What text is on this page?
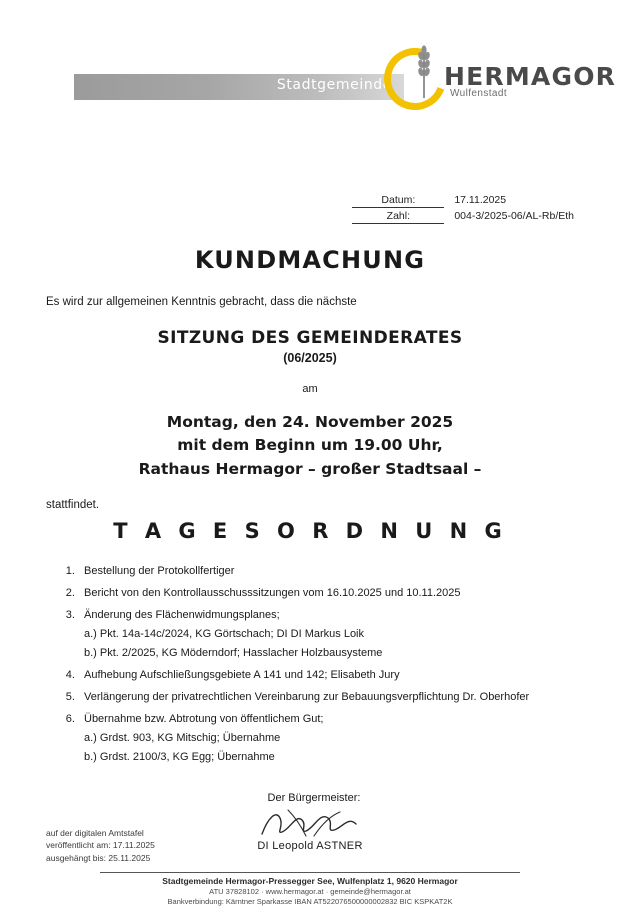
Stadtgemeinde HERMAGOR
Wulfenstadt
Datum:	17.11.2025
Zahl:	004-3/2025-06/AL-Rb/Eth
KUNDMACHUNG

Es wird zur allgemeinen Kenntnis gebracht, dass die nächste

SITZUNG DES GEMEINDERATES

(06/2025)

am

Montag, den 24. November 2025

mit dem Beginn um 19.00 Uhr,

Rathaus Hermagor – großer Stadtsaal –

stattfindet.

T A G E S O R D N U N G
1. Bestellung der Protokollfertiger
2. Bericht von den Kontrollausschusssitzungen vom 16.10.2025 und 10.11.2025
3. Änderung des Flächenwidmungsplanes;
a.) Pkt. 14a-14c/2024, KG Görtschach; DI DI Markus Loik
b.) Pkt. 2/2025, KG Möderndorf; Hasslacher Holzbausysteme
4. Aufhebung Aufschließungsgebiete A 141 und 142; Elisabeth Jury
5. Verlängerung der privatrechtlichen Vereinbarung zur Bebauungsverpflichtung Dr. Oberhofer
6. Übernahme bzw. Abtrotung von öffentlichem Gut;
a.) Grdst. 903, KG Mitschig; Übernahme
b.) Grdst. 2100/3, KG Egg; Übernahme

Der Bürgermeister:

DI Leopold ASTNER

auf der digitalen Amtstafel
veröffentlicht am: 17.11.2025
ausgehängt bis: 25.11.2025
Stadtgemeinde Hermagor-Pressegger See, Wulfenplatz 1, 9620 Hermagor
ATU 37828102 · www.hermagor.at · gemeinde@hermagor.at
Bankverbindung: Kärntner Sparkasse IBAN AT522076500000002832 BIC KSPKAT2K
